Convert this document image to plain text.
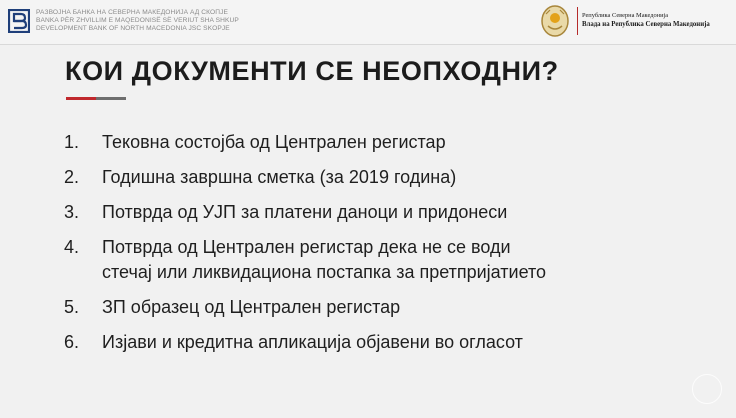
РАЗВОЈНА БАНКА НА СЕВЕРНА МАКЕДОНИЈА АД СКОПЈЕ
BANKA PËR ZHVILLIM E MAQEDONISË SË VERIUT SHA SHKUP
DEVELOPMENT BANK OF NORTH MACEDONIA JSC SKOPJE
Република Северна Македонија
Влада на Република Северна Македонија
КОИ ДОКУМЕНТИ СЕ НЕОПХОДНИ?
1. Тековна состојба од Централен регистар
2. Годишна завршна сметка (за 2019 година)
3. Потврда од УЈП за платени даноци и придонеси
4. Потврда од Централен регистар дека не се води
стечај или ликвидациона постапка за претпријатието
5. ЗП образец од Централен регистар
6. Изјави и кредитна апликација објавени во огласот
